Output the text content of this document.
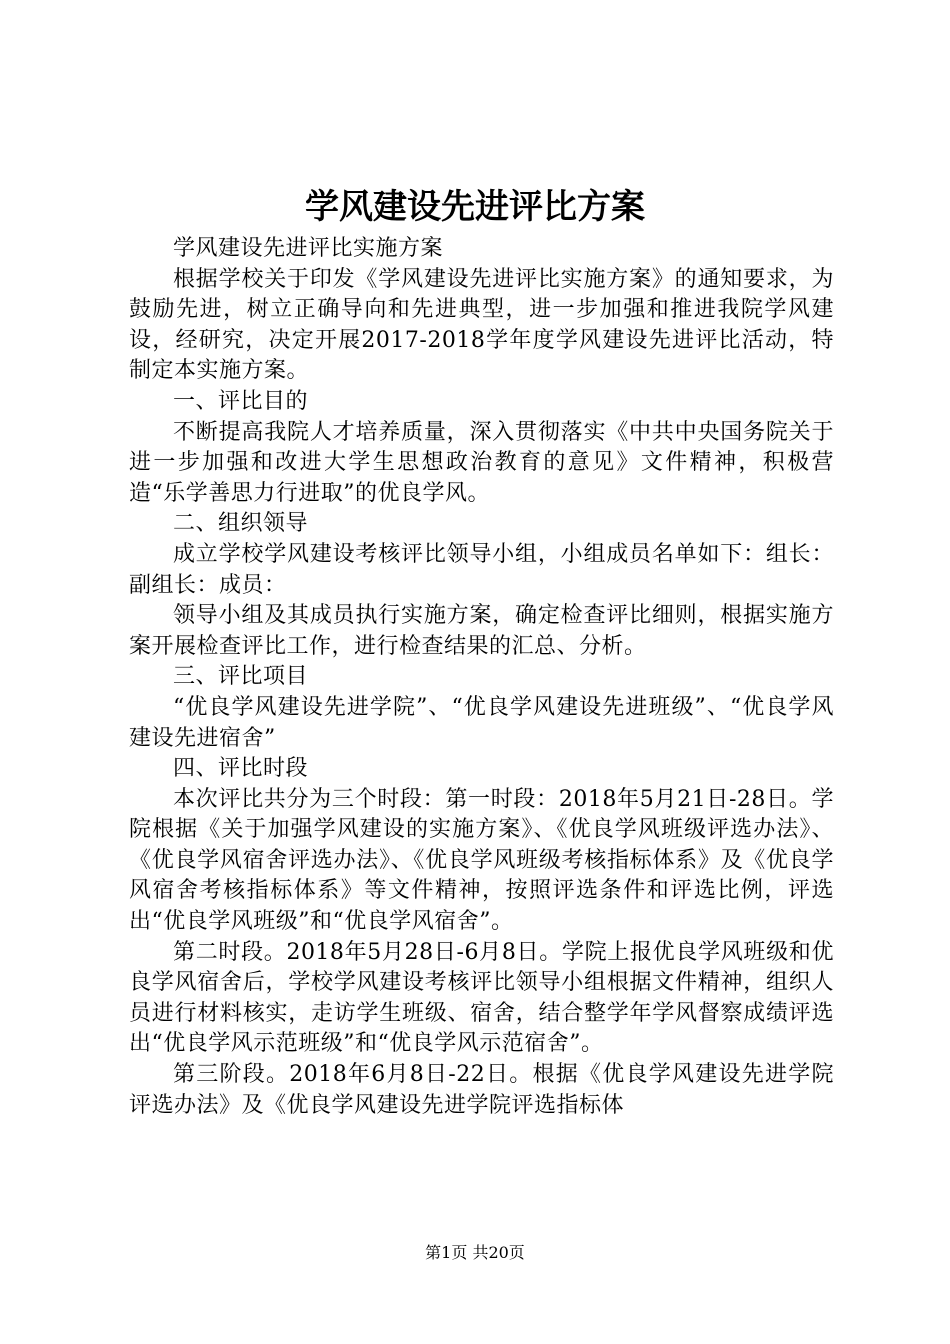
学风建设先进评比方案

学风建设先进评比实施方案

根据学校关于印发《学风建设先进评比实施方案》的通知要求，为鼓励先进，树立正确导向和先进典型，进一步加强和推进我院学风建设，经研究，决定开展2017-2018学年度学风建设先进评比活动，特制定本实施方案。

一、评比目的

不断提高我院人才培养质量，深入贯彻落实《中共中央国务院关于进一步加强和改进大学生思想政治教育的意见》文件精神，积极营造“乐学善思力行进取”的优良学风。

二、组织领导

成立学校学风建设考核评比领导小组，小组成员名单如下：组长：副组长：成员：

领导小组及其成员执行实施方案，确定检查评比细则，根据实施方案开展检查评比工作，进行检查结果的汇总、分析。

三、评比项目

“优良学风建设先进学院”、“优良学风建设先进班级”、“优良学风建设先进宿舍”

四、评比时段

本次评比共分为三个时段：第一时段：2018年5月21日-28日。学院根据《关于加强学风建设的实施方案》、《优良学风班级评选办法》、《优良学风宿舍评选办法》、《优良学风班级考核指标体系》及《优良学风宿舍考核指标体系》等文件精神，按照评选条件和评选比例，评选出“优良学风班级”和“优良学风宿舍”。

第二时段。2018年5月28日-6月8日。学院上报优良学风班级和优良学风宿舍后，学校学风建设考核评比领导小组根据文件精神，组织人员进行材料核实，走访学生班级、宿舍，结合整学年学风督察成绩评选出“优良学风示范班级”和“优良学风示范宿舍”。

第三阶段。2018年6月8日-22日。根据《优良学风建设先进学院评选办法》及《优良学风建设先进学院评选指标体

第1页 共20页
